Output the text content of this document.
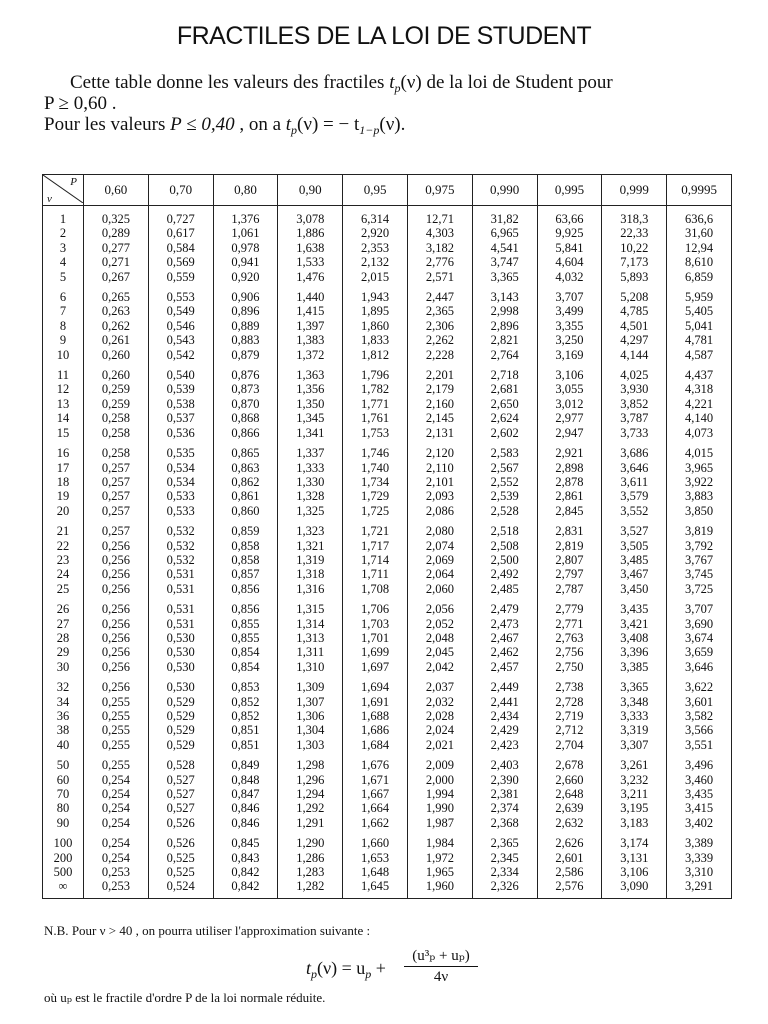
FRACTILES DE LA LOI DE STUDENT
Cette table donne les valeurs des fractiles $t_p(\nu)$ de la loi de Student pour
P ≥ 0,60 .
Pour les valeurs P ≤ 0,40 , on a $t_p(\nu)$ = − $t_{1-p}(\nu)$.
P
ν	0,60	0,70	0,80	0,90	0,95	0,975	0,990	0,995	0,999	0,9995
1	0,325	0,727	1,376	3,078	6,314	12,71	31,82	63,66	318,3	636,6
2	0,289	0,617	1,061	1,886	2,920	4,303	6,965	9,925	22,33	31,60
3	0,277	0,584	0,978	1,638	2,353	3,182	4,541	5,841	10,22	12,94
4	0,271	0,569	0,941	1,533	2,132	2,776	3,747	4,604	7,173	8,610
5	0,267	0,559	0,920	1,476	2,015	2,571	3,365	4,032	5,893	6,859
6	0,265	0,553	0,906	1,440	1,943	2,447	3,143	3,707	5,208	5,959
7	0,263	0,549	0,896	1,415	1,895	2,365	2,998	3,499	4,785	5,405
8	0,262	0,546	0,889	1,397	1,860	2,306	2,896	3,355	4,501	5,041
9	0,261	0,543	0,883	1,383	1,833	2,262	2,821	3,250	4,297	4,781
10	0,260	0,542	0,879	1,372	1,812	2,228	2,764	3,169	4,144	4,587
11	0,260	0,540	0,876	1,363	1,796	2,201	2,718	3,106	4,025	4,437
12	0,259	0,539	0,873	1,356	1,782	2,179	2,681	3,055	3,930	4,318
13	0,259	0,538	0,870	1,350	1,771	2,160	2,650	3,012	3,852	4,221
14	0,258	0,537	0,868	1,345	1,761	2,145	2,624	2,977	3,787	4,140
15	0,258	0,536	0,866	1,341	1,753	2,131	2,602	2,947	3,733	4,073
16	0,258	0,535	0,865	1,337	1,746	2,120	2,583	2,921	3,686	4,015
17	0,257	0,534	0,863	1,333	1,740	2,110	2,567	2,898	3,646	3,965
18	0,257	0,534	0,862	1,330	1,734	2,101	2,552	2,878	3,611	3,922
19	0,257	0,533	0,861	1,328	1,729	2,093	2,539	2,861	3,579	3,883
20	0,257	0,533	0,860	1,325	1,725	2,086	2,528	2,845	3,552	3,850
21	0,257	0,532	0,859	1,323	1,721	2,080	2,518	2,831	3,527	3,819
22	0,256	0,532	0,858	1,321	1,717	2,074	2,508	2,819	3,505	3,792
23	0,256	0,532	0,858	1,319	1,714	2,069	2,500	2,807	3,485	3,767
24	0,256	0,531	0,857	1,318	1,711	2,064	2,492	2,797	3,467	3,745
25	0,256	0,531	0,856	1,316	1,708	2,060	2,485	2,787	3,450	3,725
26	0,256	0,531	0,856	1,315	1,706	2,056	2,479	2,779	3,435	3,707
27	0,256	0,531	0,855	1,314	1,703	2,052	2,473	2,771	3,421	3,690
28	0,256	0,530	0,855	1,313	1,701	2,048	2,467	2,763	3,408	3,674
29	0,256	0,530	0,854	1,311	1,699	2,045	2,462	2,756	3,396	3,659
30	0,256	0,530	0,854	1,310	1,697	2,042	2,457	2,750	3,385	3,646
32	0,256	0,530	0,853	1,309	1,694	2,037	2,449	2,738	3,365	3,622
34	0,255	0,529	0,852	1,307	1,691	2,032	2,441	2,728	3,348	3,601
36	0,255	0,529	0,852	1,306	1,688	2,028	2,434	2,719	3,333	3,582
38	0,255	0,529	0,851	1,304	1,686	2,024	2,429	2,712	3,319	3,566
40	0,255	0,529	0,851	1,303	1,684	2,021	2,423	2,704	3,307	3,551
50	0,255	0,528	0,849	1,298	1,676	2,009	2,403	2,678	3,261	3,496
60	0,254	0,527	0,848	1,296	1,671	2,000	2,390	2,660	3,232	3,460
70	0,254	0,527	0,847	1,294	1,667	1,994	2,381	2,648	3,211	3,435
80	0,254	0,527	0,846	1,292	1,664	1,990	2,374	2,639	3,195	3,415
90	0,254	0,526	0,846	1,291	1,662	1,987	2,368	2,632	3,183	3,402
100	0,254	0,526	0,845	1,290	1,660	1,984	2,365	2,626	3,174	3,389
200	0,254	0,525	0,843	1,286	1,653	1,972	2,345	2,601	3,131	3,339
500	0,253	0,525	0,842	1,283	1,648	1,965	2,334	2,586	3,106	3,310
∞	0,253	0,524	0,842	1,282	1,645	1,960	2,326	2,576	3,090	3,291
N.B. Pour ν > 40 , on pourra utiliser l'approximation suivante :
$t_p(\nu) = u_p + \frac{\text{(u³ₚ + uₚ)}}{4\nu}$
où uₚ est le fractile d'ordre P de la loi normale réduite.
